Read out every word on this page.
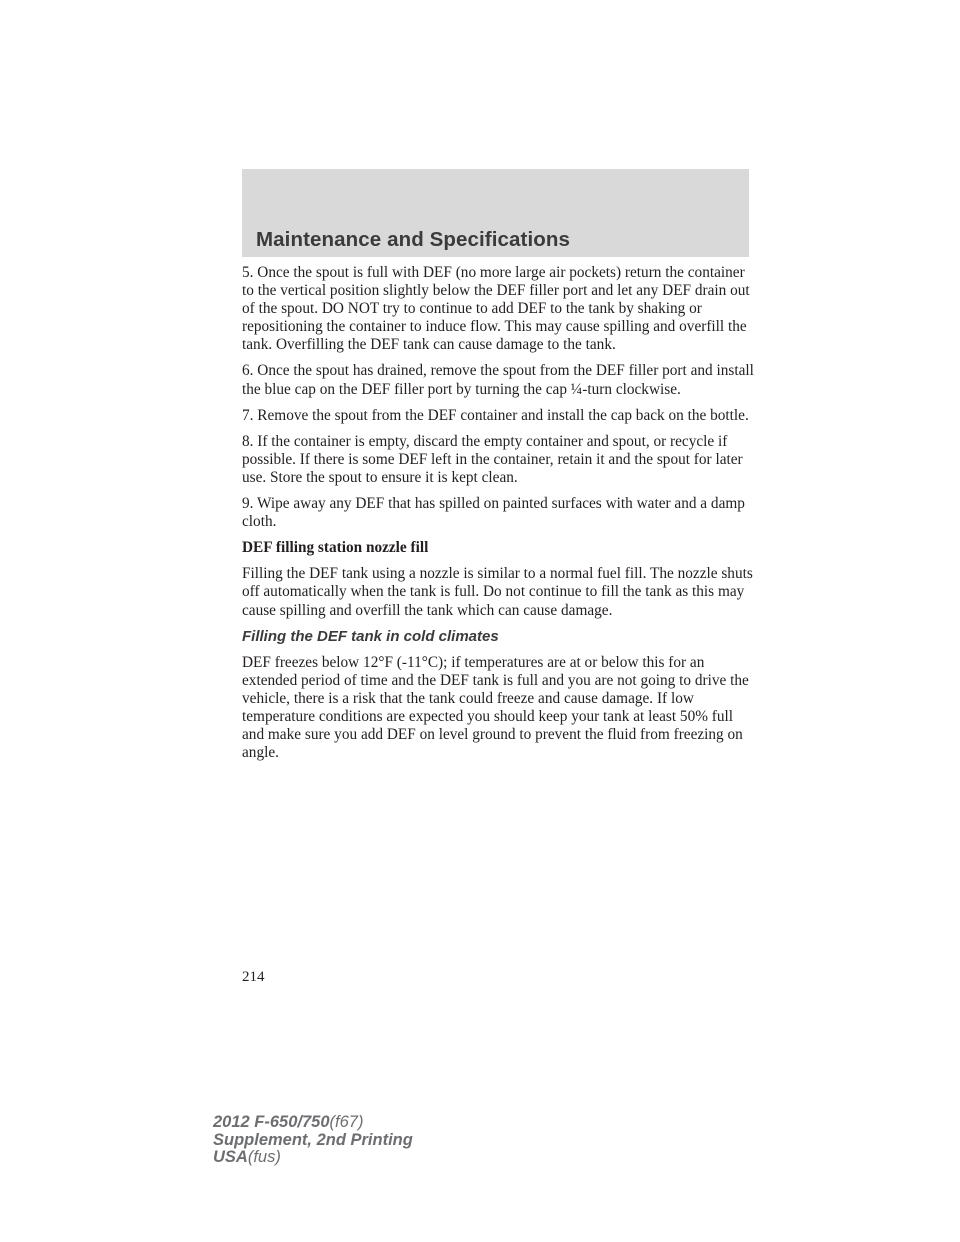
Maintenance and Specifications

5. Once the spout is full with DEF (no more large air pockets) return the container to the vertical position slightly below the DEF filler port and let any DEF drain out of the spout. DO NOT try to continue to add DEF to the tank by shaking or repositioning the container to induce flow. This may cause spilling and overfill the tank. Overfilling the DEF tank can cause damage to the tank.

6. Once the spout has drained, remove the spout from the DEF filler port and install the blue cap on the DEF filler port by turning the cap ¼-turn clockwise.

7. Remove the spout from the DEF container and install the cap back on the bottle.

8. If the container is empty, discard the empty container and spout, or recycle if possible. If there is some DEF left in the container, retain it and the spout for later use. Store the spout to ensure it is kept clean.

9. Wipe away any DEF that has spilled on painted surfaces with water and a damp cloth.

DEF filling station nozzle fill

Filling the DEF tank using a nozzle is similar to a normal fuel fill. The nozzle shuts off automatically when the tank is full. Do not continue to fill the tank as this may cause spilling and overfill the tank which can cause damage.

Filling the DEF tank in cold climates

DEF freezes below 12°F (-11°C); if temperatures are at or below this for an extended period of time and the DEF tank is full and you are not going to drive the vehicle, there is a risk that the tank could freeze and cause damage. If low temperature conditions are expected you should keep your tank at least 50% full and make sure you add DEF on level ground to prevent the fluid from freezing on angle.

214

2012 F-650/750(f67)
Supplement, 2nd Printing
USA(fus)
